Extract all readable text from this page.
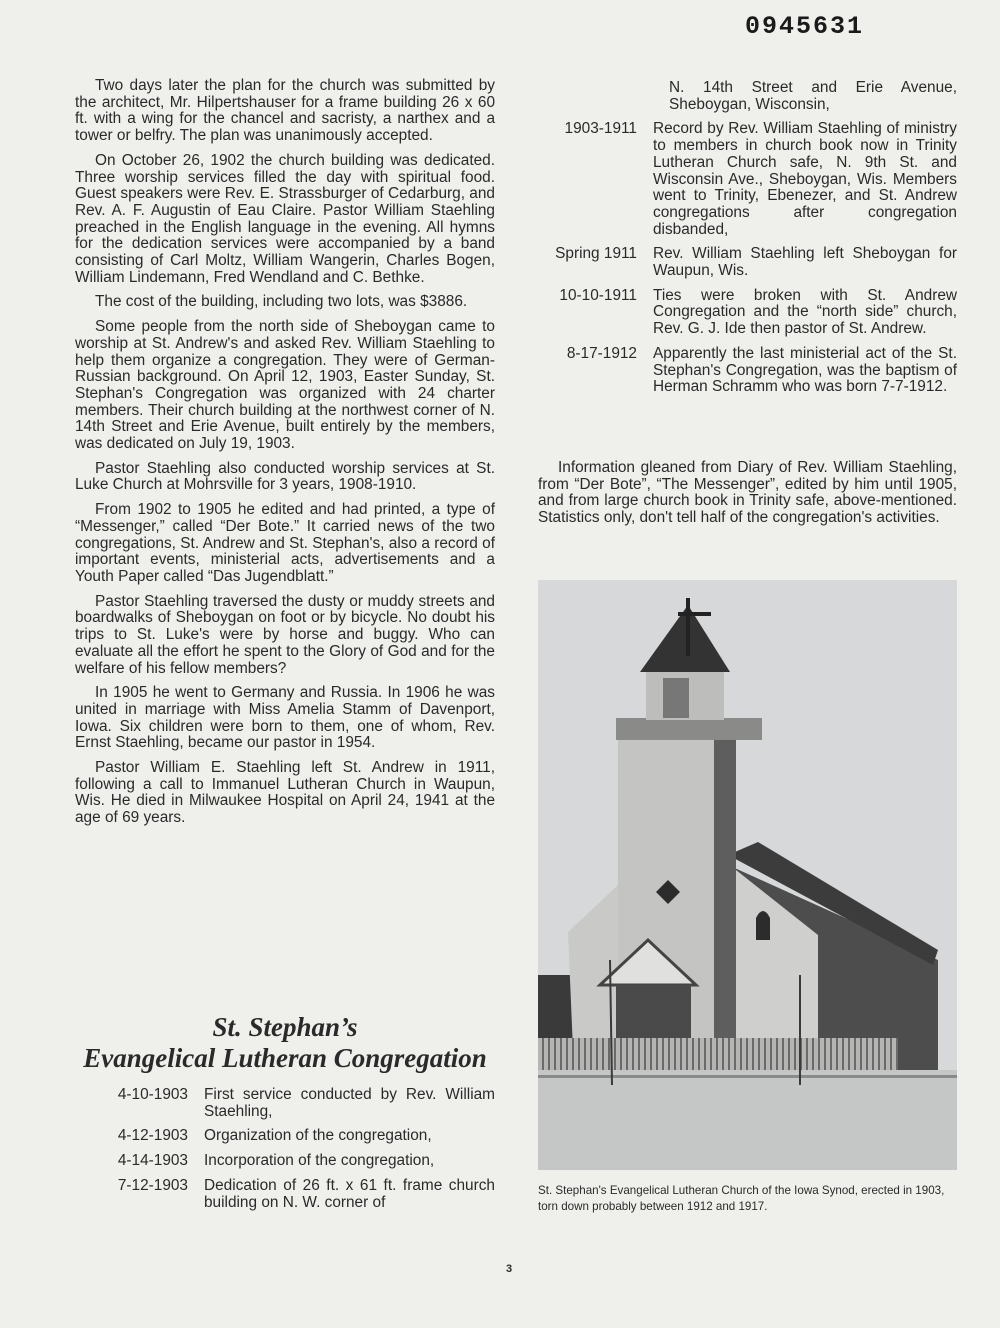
0945631

Two days later the plan for the church was submitted by the architect, Mr. Hilpertshauser for a frame building 26 x 60 ft. with a wing for the chancel and sacristy, a narthex and a tower or belfry. The plan was unanimously accepted.

On October 26, 1902 the church building was dedicated. Three worship services filled the day with spiritual food. Guest speakers were Rev. E. Strassburger of Cedarburg, and Rev. A. F. Augustin of Eau Claire. Pastor William Staehling preached in the English language in the evening. All hymns for the dedication services were accompanied by a band consisting of Carl Moltz, William Wangerin, Charles Bogen, William Lindemann, Fred Wendland and C. Bethke.

The cost of the building, including two lots, was $3886.

Some people from the north side of Sheboygan came to worship at St. Andrew's and asked Rev. William Staehling to help them organize a congregation. They were of German-Russian background. On April 12, 1903, Easter Sunday, St. Stephan's Congregation was organized with 24 charter members. Their church building at the northwest corner of N. 14th Street and Erie Avenue, built entirely by the members, was dedicated on July 19, 1903.

Pastor Staehling also conducted worship services at St. Luke Church at Mohrsville for 3 years, 1908-1910.

From 1902 to 1905 he edited and had printed, a type of “Messenger,” called “Der Bote.” It carried news of the two congregations, St. Andrew and St. Stephan's, also a record of important events, ministerial acts, advertisements and a Youth Paper called “Das Jugendblatt.”

Pastor Staehling traversed the dusty or muddy streets and boardwalks of Sheboygan on foot or by bicycle. No doubt his trips to St. Luke's were by horse and buggy. Who can evaluate all the effort he spent to the Glory of God and for the welfare of his fellow members?

In 1905 he went to Germany and Russia. In 1906 he was united in marriage with Miss Amelia Stamm of Davenport, Iowa. Six children were born to them, one of whom, Rev. Ernst Staehling, became our pastor in 1954.

Pastor William E. Staehling left St. Andrew in 1911, following a call to Immanuel Lutheran Church in Waupun, Wis. He died in Milwaukee Hospital on April 24, 1941 at the age of 69 years.

St. Stephan’s
Evangelical Lutheran Congregation
4-10-1903	First service conducted by Rev. William Staehling,
4-12-1903	Organization of the congregation,
4-14-1903	Incorporation of the congregation,
7-12-1903	Dedication of 26 ft. x 61 ft. frame church building on N. W. corner of
N. 14th Street and Erie Avenue, Sheboygan, Wisconsin,
1903-1911	Record by Rev. William Staehling of ministry to members in church book now in Trinity Lutheran Church safe, N. 9th St. and Wisconsin Ave., Sheboygan, Wis. Members went to Trinity, Ebenezer, and St. Andrew congregations after congregation disbanded,
Spring 1911	Rev. William Staehling left Sheboygan for Waupun, Wis.
10-10-1911	Ties were broken with St. Andrew Congregation and the “north side” church, Rev. G. J. Ide then pastor of St. Andrew.
8-17-1912	Apparently the last ministerial act of the St. Stephan's Congregation, was the baptism of Herman Schramm who was born 7-7-1912.

Information gleaned from Diary of Rev. William Staehling, from “Der Bote”, “The Messenger”, edited by him until 1905, and from large church book in Trinity safe, above-mentioned. Statistics only, don't tell half of the congregation's activities.

St. Stephan's Evangelical Lutheran Church of the Iowa Synod, erected in 1903, torn down probably between 1912 and 1917.
3
